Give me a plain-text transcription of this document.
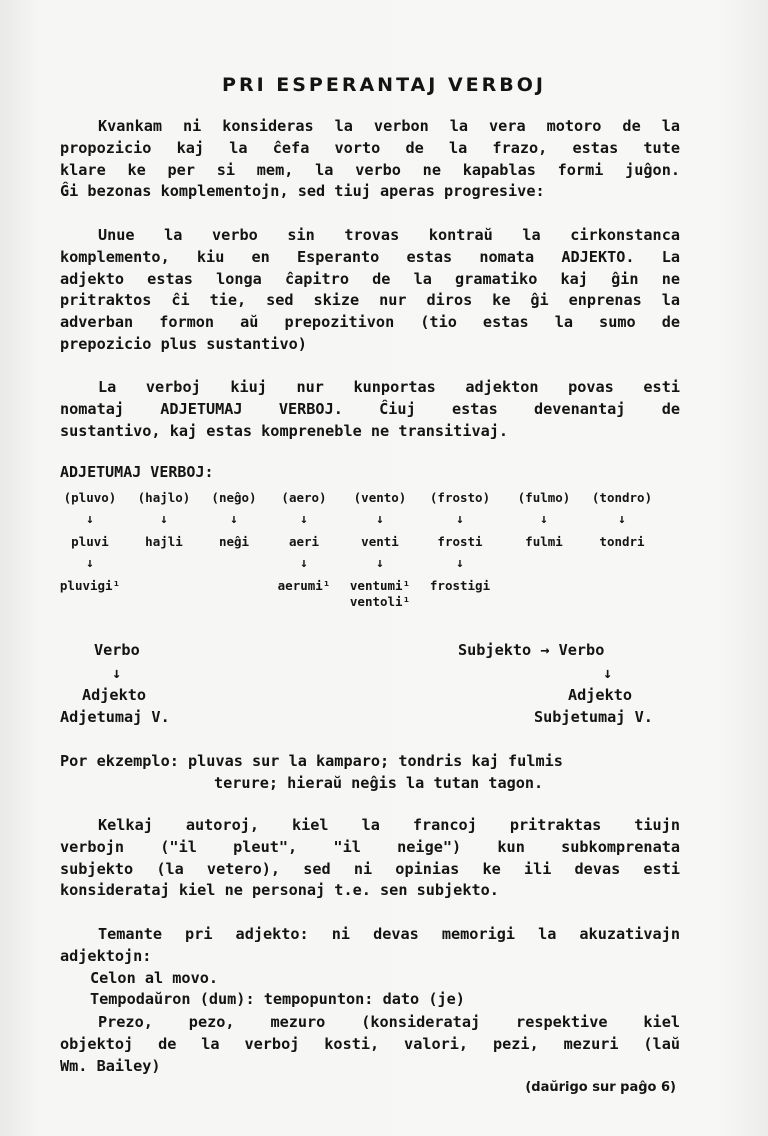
PRI ESPERANTAJ VERBOJ

Kvankam ni konsideras la verbon la vera motoro de la
propozicio kaj la ĉefa vorto de la frazo, estas tute
klare ke per si mem, la verbo ne kapablas formi juĝon.
Ĝi bezonas komplementojn, sed tiuj aperas progresive:

Unue la verbo sin trovas kontraŭ la cirkonstanca
komplemento, kiu en Esperanto estas nomata ADJEKTO. La
adjekto estas longa ĉapitro de la gramatiko kaj ĝin ne
pritraktos ĉi tie, sed skize nur diros ke ĝi enprenas la
adverban formon aŭ prepozitivon (tio estas la sumo de
prepozicio plus sustantivo)

La verboj kiuj nur kunportas adjekton povas esti
nomataj ADJETUMAJ VERBOJ. Ĉiuj estas devenantaj de
sustantivo, kaj estas kompreneble ne transitivaj.

ADJETUMAJ VERBOJ:
(pluvo)
↓
pluvi
↓
pluvigi¹
(hajlo)
↓
hajli
(neĝo)
↓
neĝi
(aero)
↓
aeri
↓
aerumi¹
(vento)
↓
venti
↓
ventumi¹
ventoli¹
(frosto)
↓
frosti
↓
frostigi
(fulmo)
↓
fulmi
(tondro)
↓
tondri
Verbo
↓
Adjekto
Adjetumaj V.
Subjekto → Verbo
↓
Adjekto
Subjetumaj V.
Por ekzemplo: pluvas sur la kamparo; tondris kaj fulmis
terure; hieraŭ neĝis la tutan tagon.

Kelkaj autoroj, kiel la francoj pritraktas tiujn
verbojn ("il pleut", "il neige") kun subkomprenata
subjekto (la vetero), sed ni opinias ke ili devas esti
konsiderataj kiel ne personaj t.e. sen subjekto.

Temante pri adjekto: ni devas memorigi la akuzativajn
adjektojn:
Celon al movo.
Tempodaŭron (dum): tempopunton: dato (je)

Prezo, pezo, mezuro (konsiderataj respektive kiel
objektoj de la verboj kosti, valori, pezi, mezuri (laŭ
Wm. Bailey)

(daŭrigo sur paĝo 6)
